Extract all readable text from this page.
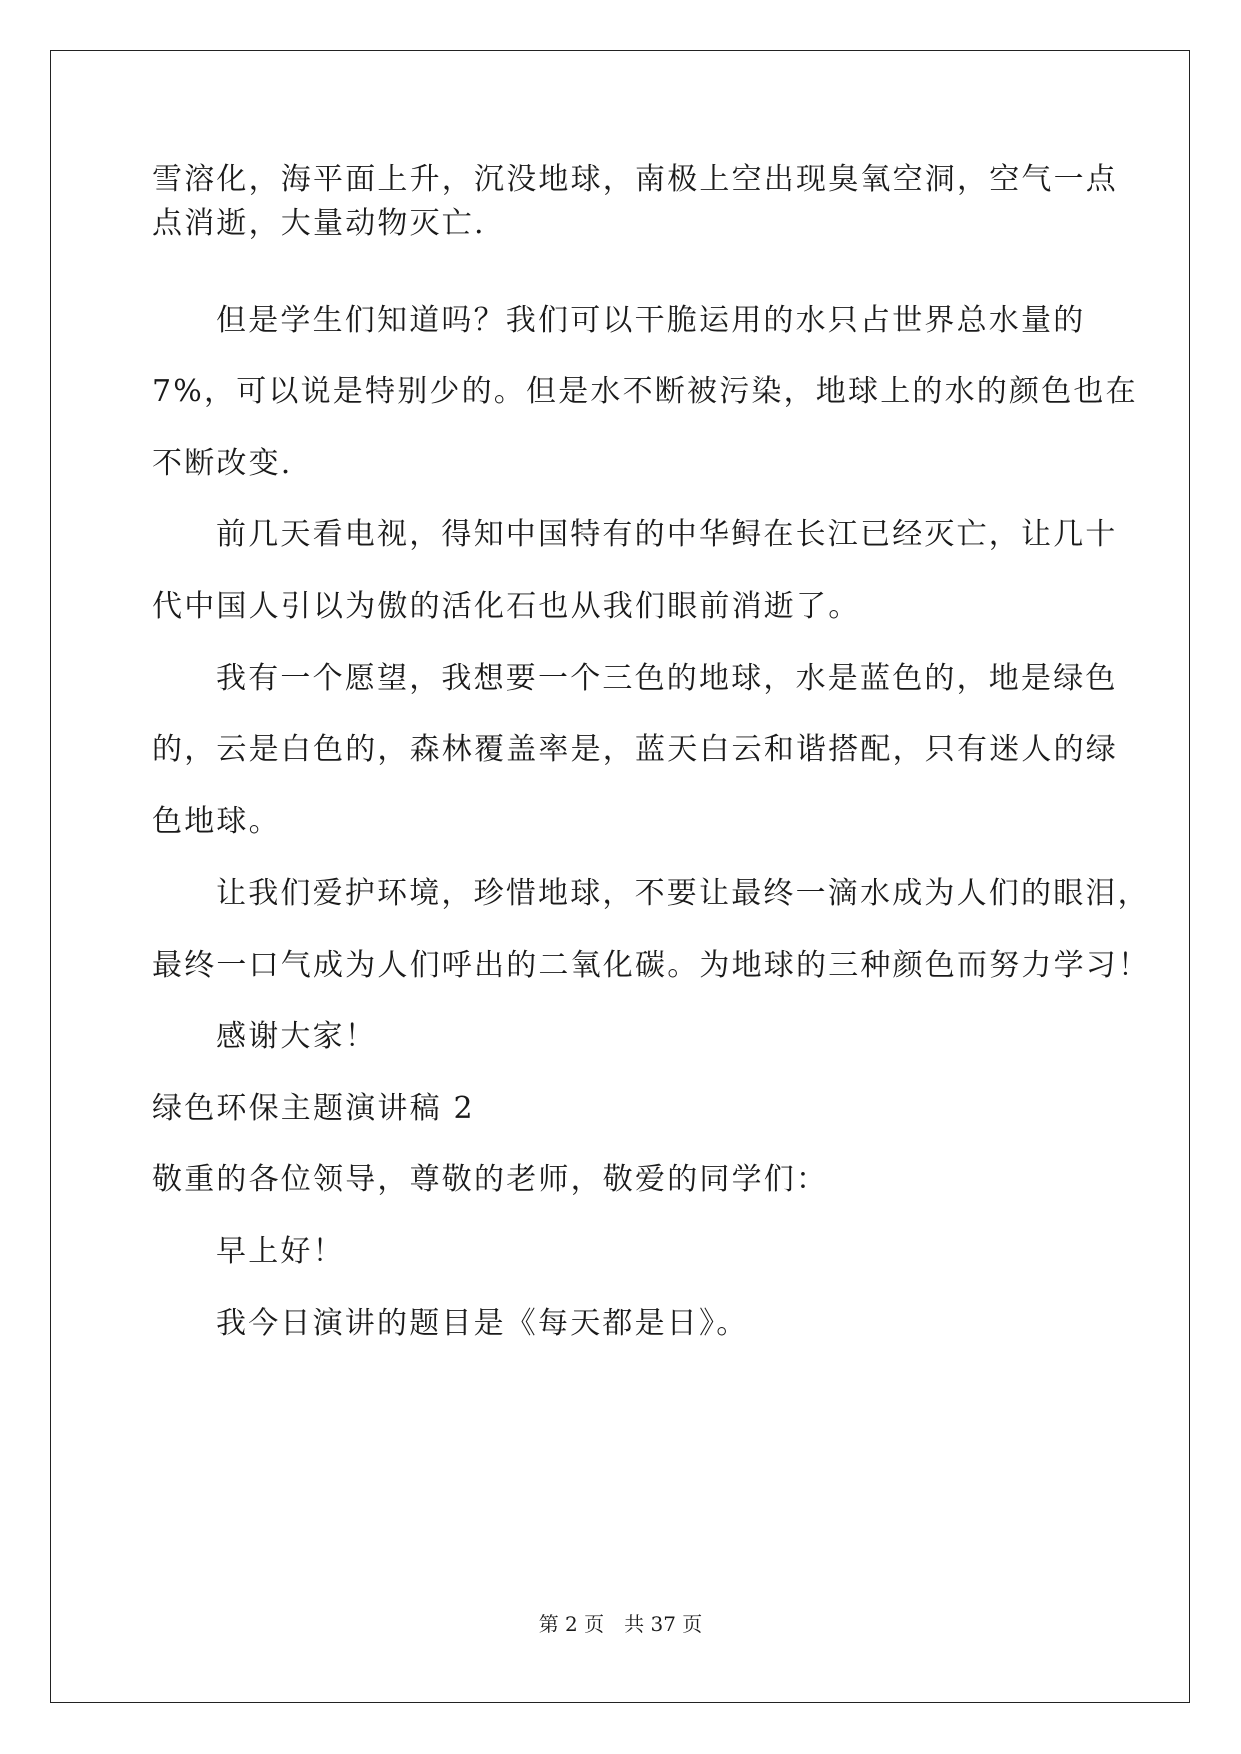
雪溶化，海平面上升，沉没地球，南极上空出现臭氧空洞，空气一点
点消逝，大量动物灭亡.
但是学生们知道吗？我们可以干脆运用的水只占世界总水量的
7%，可以说是特别少的。但是水不断被污染，地球上的水的颜色也在
不断改变.
前几天看电视，得知中国特有的中华鲟在长江已经灭亡，让几十
代中国人引以为傲的活化石也从我们眼前消逝了。
我有一个愿望，我想要一个三色的地球，水是蓝色的，地是绿色
的，云是白色的，森林覆盖率是，蓝天白云和谐搭配，只有迷人的绿
色地球。
让我们爱护环境，珍惜地球，不要让最终一滴水成为人们的眼泪，
最终一口气成为人们呼出的二氧化碳。为地球的三种颜色而努力学习！
感谢大家！
绿色环保主题演讲稿 2
敬重的各位领导，尊敬的老师，敬爱的同学们：
早上好！
我今日演讲的题目是《每天都是日》。
第 2 页　共 37 页
